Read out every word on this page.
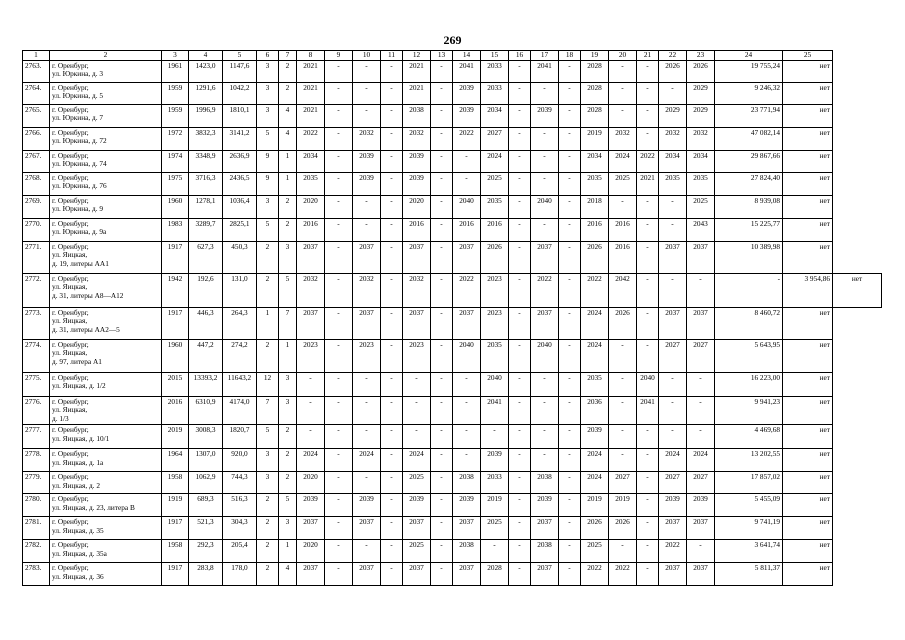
269
1	2	3	4	5	6	7	8	9	10	11	12	13	14	15	16	17	18	19	20	21	22	23	24	25	
2763.	г. Оренбург,
ул. Юркина, д. 3	1961	1423,0	1147,6	3	2	2021	-	-	-	2021	-	2041	2033	-	2041	-	2028	-	-	2026	2026	19 755,24	нет	
2764.	г. Оренбург,
ул. Юркина, д. 5	1959	1291,6	1042,2	3	2	2021	-	-	-	2021	-	2039	2033	-	-	-	2028	-	-	-	2029	9 246,32	нет	
2765.	г. Оренбург,
ул. Юркина, д. 7	1959	1996,9	1810,1	3	4	2021	-	-	-	2038	-	2039	2034	-	2039	-	2028	-	-	2029	2029	23 771,94	нет	
2766.	г. Оренбург,
ул. Юркина, д. 72	1972	3832,3	3141,2	5	4	2022	-	2032	-	2032	-	2022	2027	-	-	-	2019	2032	-	2032	2032	47 082,14	нет	
2767.	г. Оренбург,
ул. Юркина, д. 74	1974	3348,9	2636,9	9	1	2034	-	2039	-	2039	-	-	2024	-	-	-	2034	2024	2022	2034	2034	29 867,66	нет	
2768.	г. Оренбург,
ул. Юркина, д. 76	1975	3716,3	2436,5	9	1	2035	-	2039	-	2039	-	-	2025	-	-	-	2035	2025	2021	2035	2035	27 824,40	нет	
2769.	г. Оренбург,
ул. Юркина, д. 9	1960	1278,1	1036,4	3	2	2020	-	-	-	2020	-	2040	2035	-	2040	-	2018	-	-	-	2025	8 939,08	нет	
2770.	г. Оренбург,
ул. Юркина, д. 9а	1983	3289,7	2825,1	5	2	2016	-	-	-	2016	-	2016	2016	-	-	-	2016	2016	-	-	2043	15 225,77	нет	
2771.	г. Оренбург,
ул. Яицкая,
д. 19, литеры АА1	1917	627,3	450,3	2	3	2037	-	2037	-	2037	-	2037	2026	-	2037	-	2026	2016	-	2037	2037	10 389,98	нет	
2772.	г. Оренбург,
ул. Яицкая,
д. 31, литеры А8—А12	1942	192,6	131,0	2	5	2032	-	2032	-	2032	-	2022	2023	-	2022	-	2022	2042	-	-	-	-	3 954,86	нет
2773.	г. Оренбург,
ул. Яицкая,
д. 31, литеры АА2—5	1917	446,3	264,3	1	7	2037	-	2037	-	2037	-	2037	2023	-	2037	-	2024	2026	-	2037	2037	8 460,72	нет	
2774.	г. Оренбург,
ул. Яицкая,
д. 97, литера А1	1960	447,2	274,2	2	1	2023	-	2023	-	2023	-	2040	2035	-	2040	-	2024	-	-	2027	2027	5 643,95	нет	
2775.	г. Оренбург,
ул. Яицкая, д. 1/2	2015	13393,2	11643,2	12	3	-	-	-	-	-	-	-	2040	-	-	-	2035	-	2040	-	-	16 223,00	нет	
2776.	г. Оренбург,
ул. Яицкая,
д. 1/3	2016	6310,9	4174,0	7	3	-	-	-	-	-	-	-	2041	-	-	-	2036	-	2041	-	-	9 941,23	нет	
2777.	г. Оренбург,
ул. Яицкая, д. 10/1	2019	3008,3	1820,7	5	2	-	-	-	-	-	-	-	-	-	-	-	2039	-	-	-	-	4 469,68	нет	
2778.	г. Оренбург,
ул. Яицкая, д. 1а	1964	1307,0	920,0	3	2	2024	-	2024	-	2024	-	-	2039	-	-	-	2024	-	-	2024	2024	13 202,55	нет	
2779.	г. Оренбург,
ул. Яицкая, д. 2	1958	1062,9	744,3	3	2	2020	-	-	-	2025	-	2038	2033	-	2038	-	2024	2027	-	2027	2027	17 857,02	нет	
2780.	г. Оренбург,
ул. Яицкая, д. 23, литера В	1919	689,3	516,3	2	5	2039	-	2039	-	2039	-	2039	2019	-	2039	-	2019	2019	-	2039	2039	5 455,09	нет	
2781.	г. Оренбург,
ул. Яицкая, д. 35	1917	521,3	304,3	2	3	2037	-	2037	-	2037	-	2037	2025	-	2037	-	2026	2026	-	2037	2037	9 741,19	нет	
2782.	г. Оренбург,
ул. Яицкая, д. 35а	1958	292,3	205,4	2	1	2020	-	-	-	2025	-	2038	-	-	2038	-	2025	-	-	2022	-	3 641,74	нет	
2783.	г. Оренбург,
ул. Яицкая, д. 36	1917	283,8	178,0	2	4	2037	-	2037	-	2037	-	2037	2028	-	2037	-	2022	2022	-	2037	2037	5 811,37	нет	
